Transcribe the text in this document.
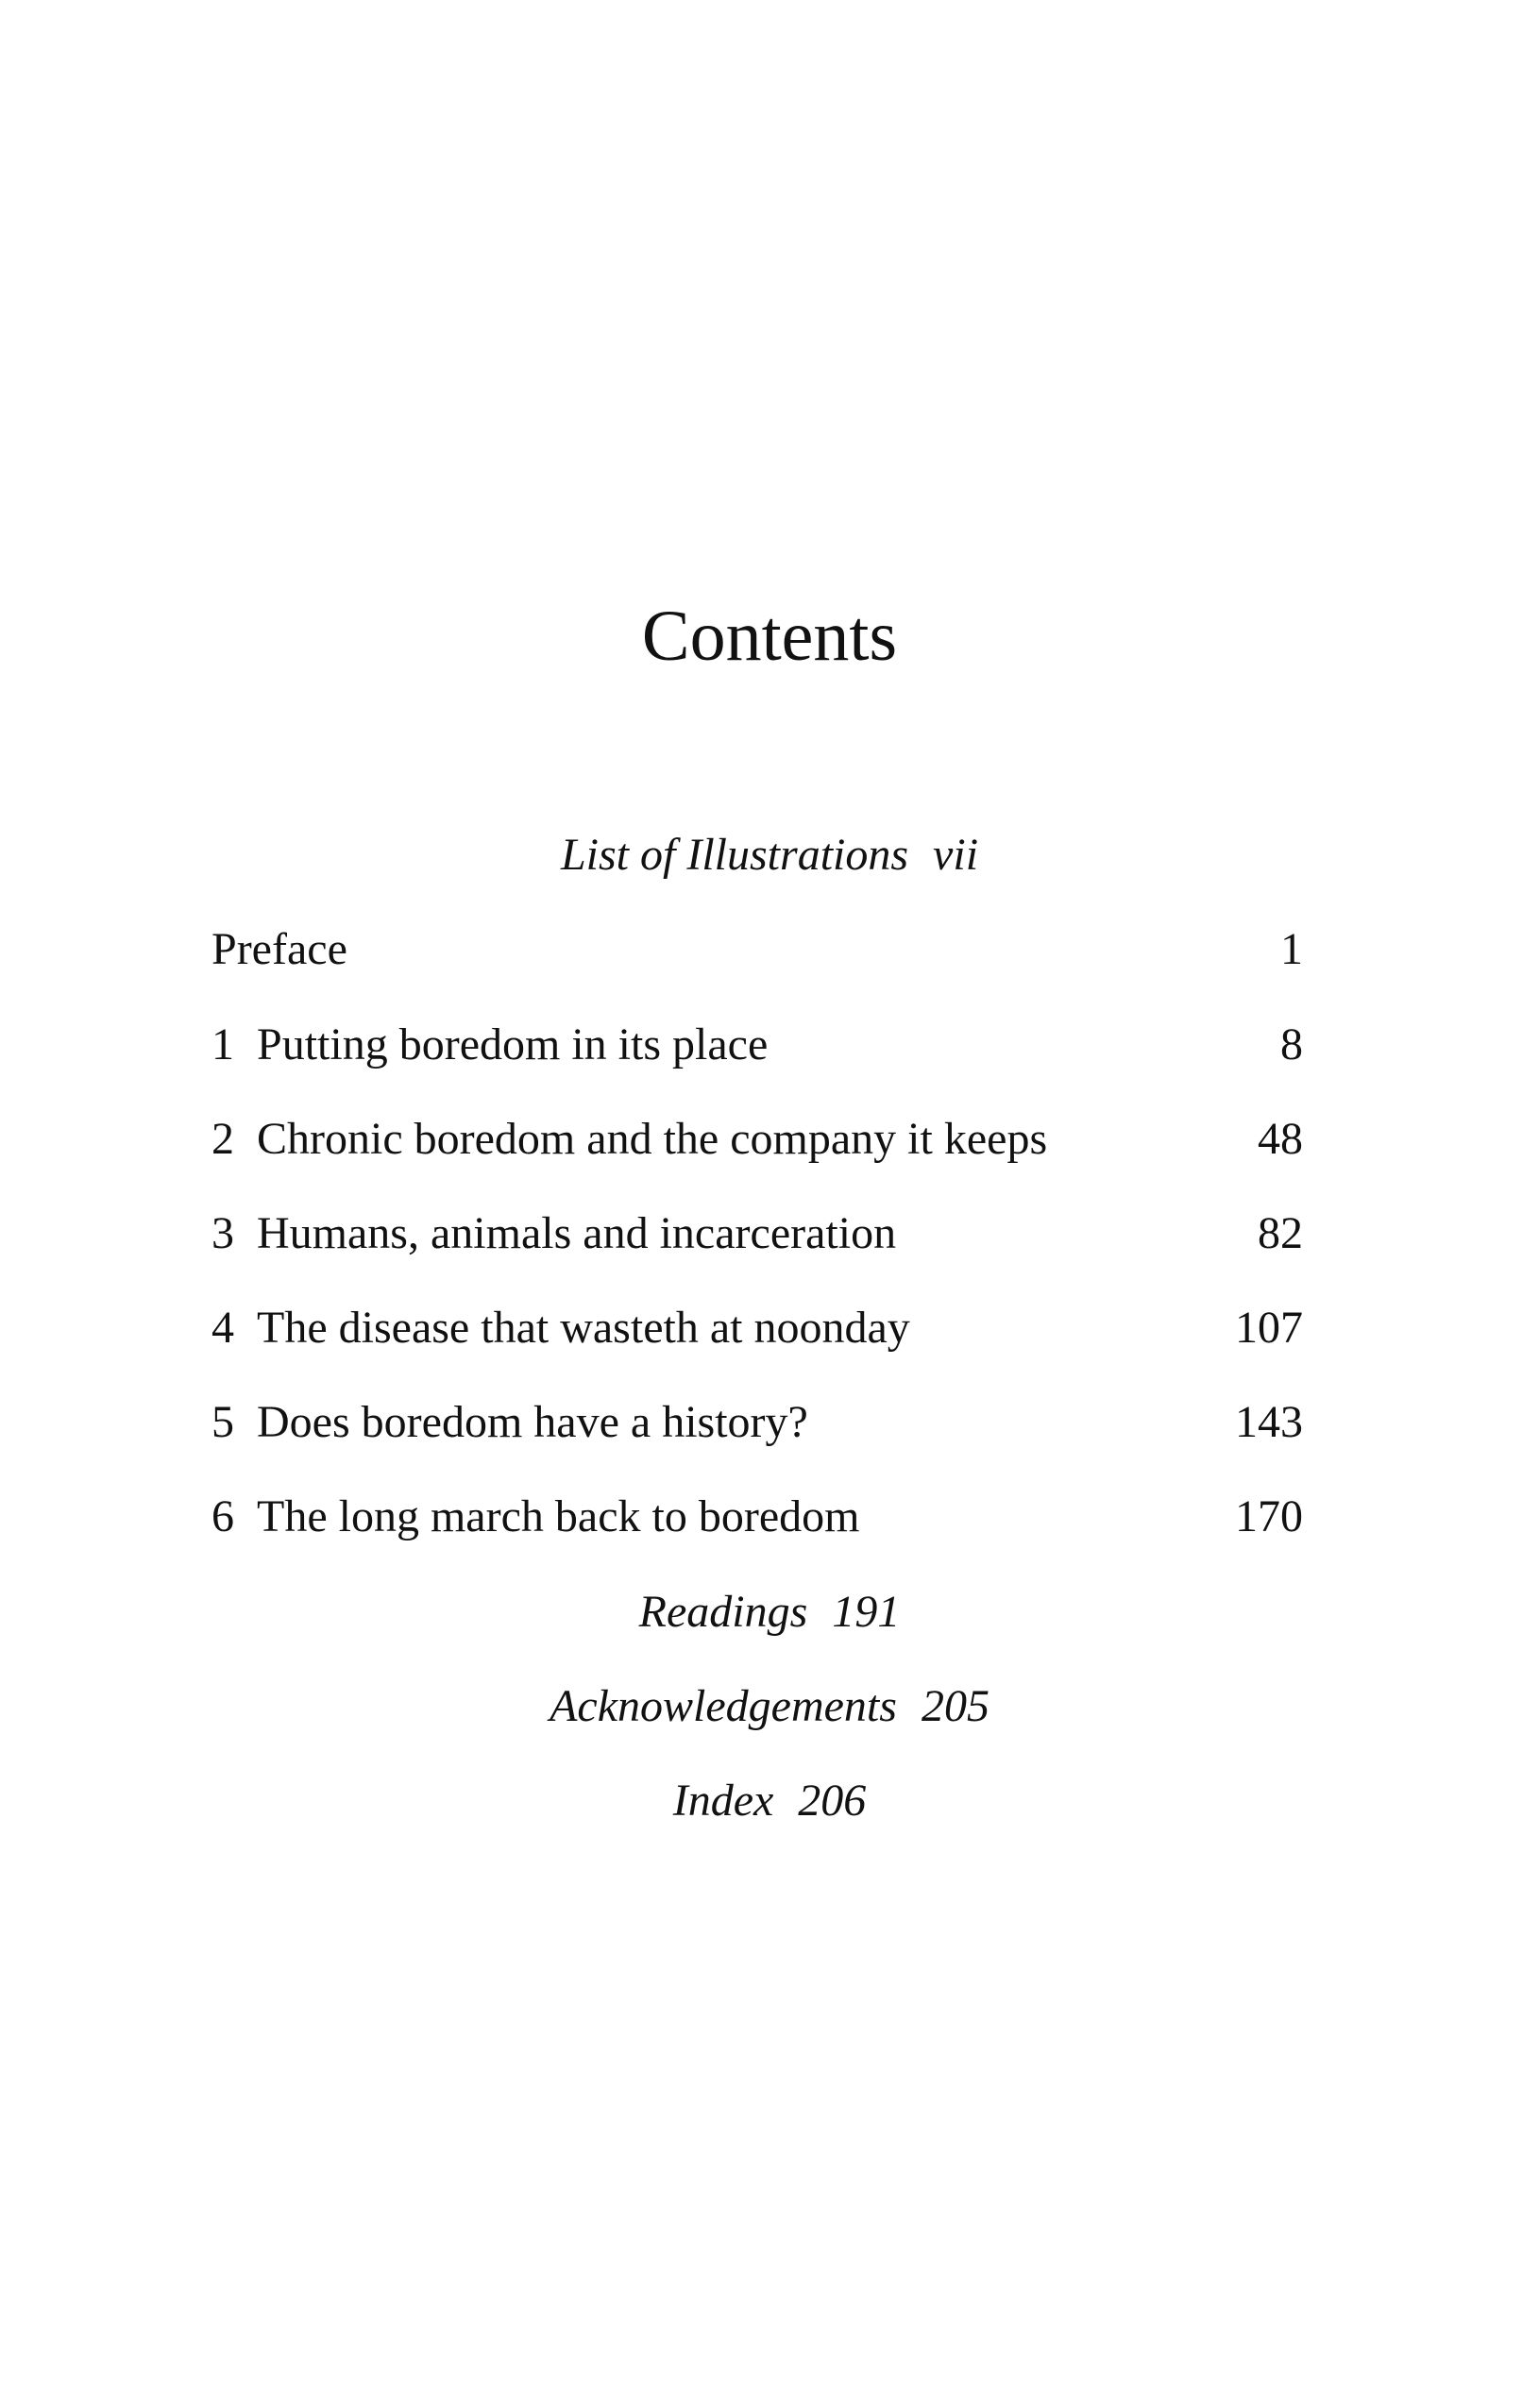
Contents
List of Illustrations vii
Preface	1
1 Putting boredom in its place	8
2 Chronic boredom and the company it keeps	48
3 Humans, animals and incarceration	82
4 The disease that wasteth at noonday	107
5 Does boredom have a history?	143
6 The long march back to boredom	170
Readings 191
Acknowledgements 205
Index 206
